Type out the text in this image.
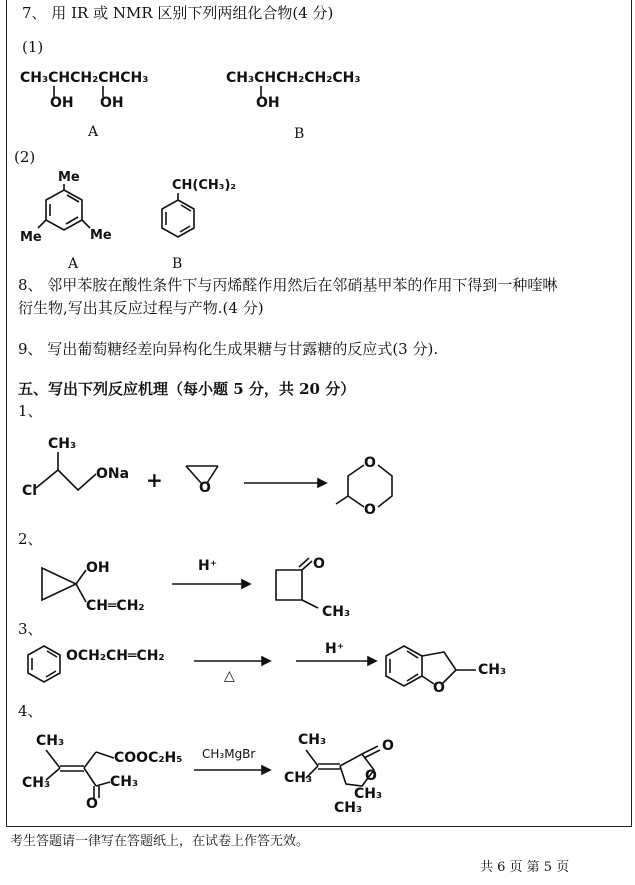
7、 用 IR 或 NMR 区别下列两组化合物(4 分)
(1)
CH₃CHCH₂CHCH₃
OH OH
A
CH₃CHCH₂CH₂CH₃
OH
B
(2)
Me
Me	Me
A
CH(CH₃)₂
B
8、 邻甲苯胺在酸性条件下与丙烯醛作用然后在邻硝基甲苯的作用下得到一种喹啉
衍生物,写出其反应过程与产物.(4 分)
9、 写出葡萄糖经差向异构化生成果糖与甘露糖的反应式(3 分).
五、写出下列反应机理（每小题 5 分，共 20 分）
1、
CH₃
Cl
ONa +	O
O
O
2、
OH
CH═CH₂
H⁺	O
CH₃
3、
OCH₂CH═CH₂
△
H⁺
O
CH₃
4、
CH₃
CH₃
COOC₂H₅
CH₃
O
CH₃MgBr
CH₃
CH₃
O
O
CH₃
CH₃
考生答题请一律写在答题纸上，在试卷上作答无效。
共 6 页 第 5 页
